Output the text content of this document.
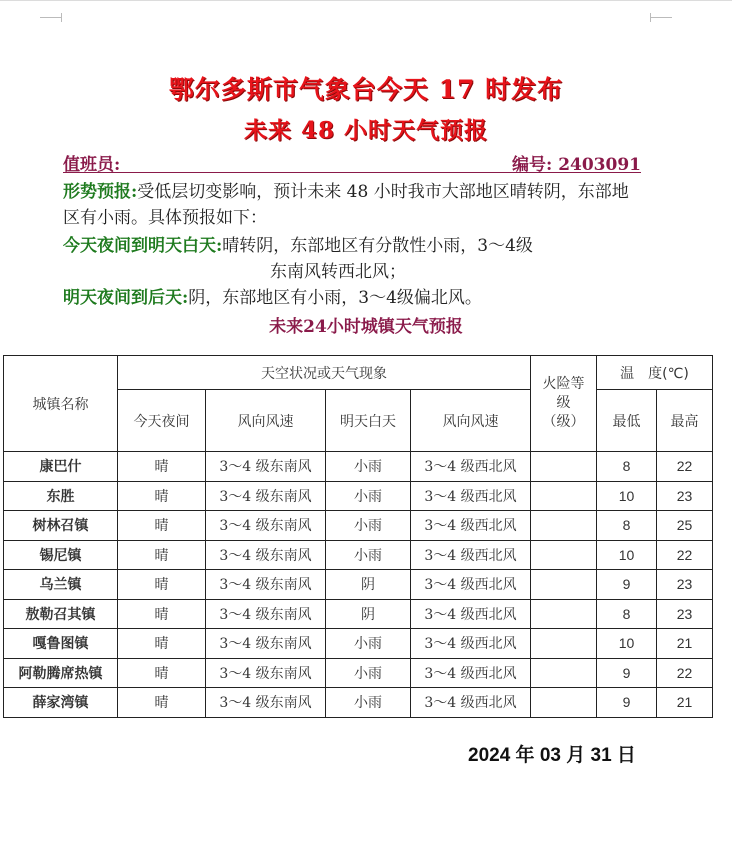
鄂尔多斯市气象台今天 17 时发布
未来 48 小时天气预报
值班员:	编号: 2403091
形势预报:受低层切变影响，预计未来 48 小时我市大部地区晴转阴，东部地区有小雨。具体预报如下：
今天夜间到明天白天:晴转阴，东部地区有分散性小雨，3～4级
东南风转西北风；
明天夜间到后天:阴，东部地区有小雨，3～4级偏北风。
未来24小时城镇天气预报
城镇名称	天空状况或天气现象				火险等
级
（级）	温　度(℃)	
	今天夜间	风向风速	明天白天	风向风速		最低	最高
康巴什	晴	3～4 级东南风	小雨	3～4 级西北风		8	22
东胜	晴	3～4 级东南风	小雨	3～4 级西北风		10	23
树林召镇	晴	3～4 级东南风	小雨	3～4 级西北风		8	25
锡尼镇	晴	3～4 级东南风	小雨	3～4 级西北风		10	22
乌兰镇	晴	3～4 级东南风	阴	3～4 级西北风		9	23
敖勒召其镇	晴	3～4 级东南风	阴	3～4 级西北风		8	23
嘎鲁图镇	晴	3～4 级东南风	小雨	3～4 级西北风		10	21
阿勒腾席热镇	晴	3～4 级东南风	小雨	3～4 级西北风		9	22
薛家湾镇	晴	3～4 级东南风	小雨	3～4 级西北风		9	21
2024 年 03 月 31 日
